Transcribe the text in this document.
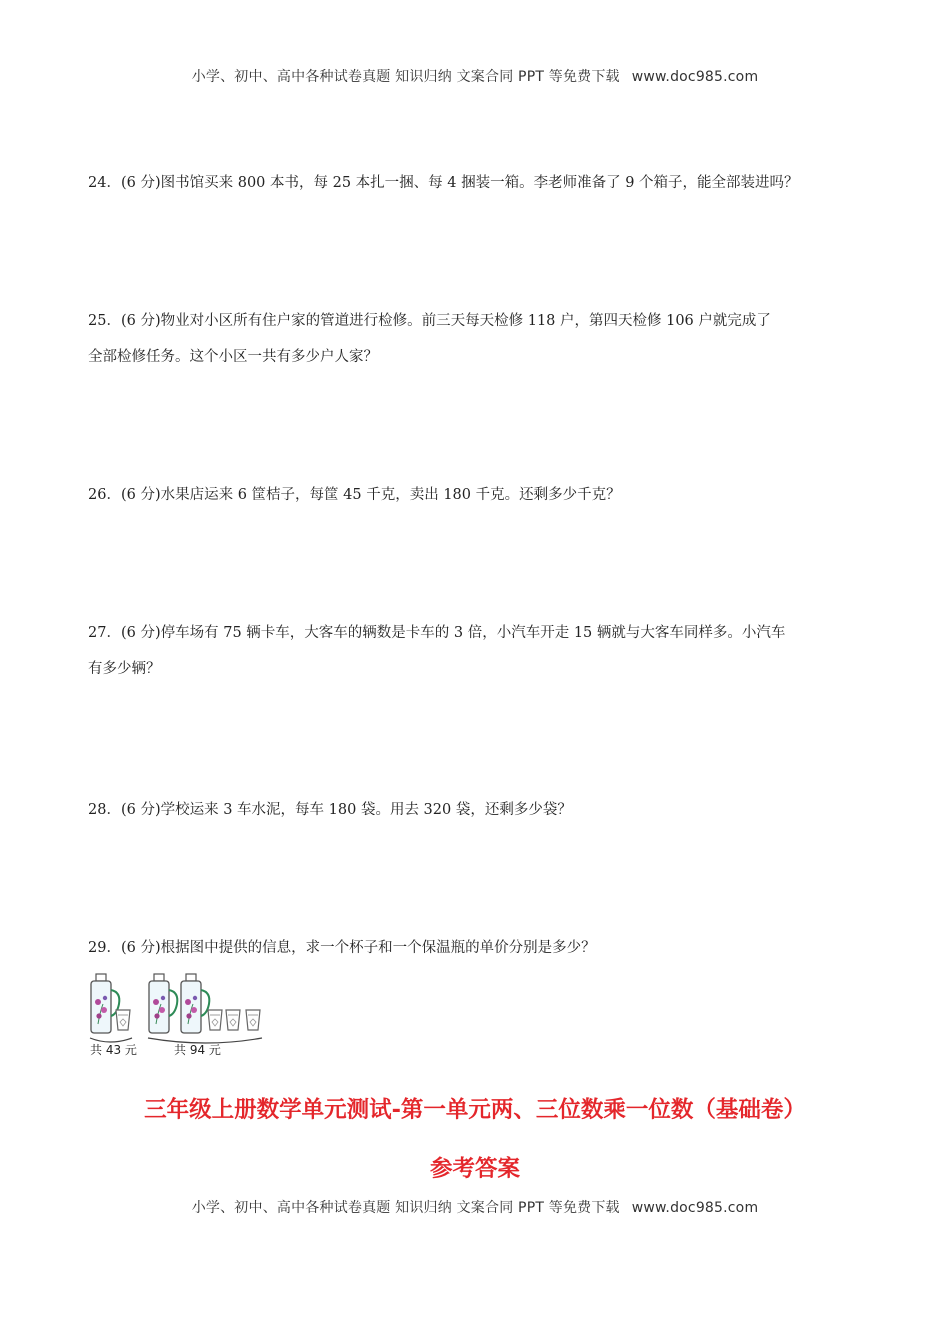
小学、初中、高中各种试卷真题 知识归纳 文案合同 PPT 等免费下载 www.doc985.com
24．(6 分)图书馆买来 800 本书，每 25 本扎一捆、每 4 捆装一箱。李老师准备了 9 个箱子，能全部装进吗？
25．(6 分)物业对小区所有住户家的管道进行检修。前三天每天检修 118 户，第四天检修 106 户就完成了
全部检修任务。这个小区一共有多少户人家？
26．(6 分)水果店运来 6 筐桔子，每筐 45 千克，卖出 180 千克。还剩多少千克？
27．(6 分)停车场有 75 辆卡车，大客车的辆数是卡车的 3 倍，小汽车开走 15 辆就与大客车同样多。小汽车
有多少辆？
28．(6 分)学校运来 3 车水泥，每车 180 袋。用去 320 袋，还剩多少袋？
29．(6 分)根据图中提供的信息，求一个杯子和一个保温瓶的单价分别是多少？
共 43 元	共 94 元
三年级上册数学单元测试-第一单元两、三位数乘一位数（基础卷）
参考答案
小学、初中、高中各种试卷真题 知识归纳 文案合同 PPT 等免费下载 www.doc985.com
